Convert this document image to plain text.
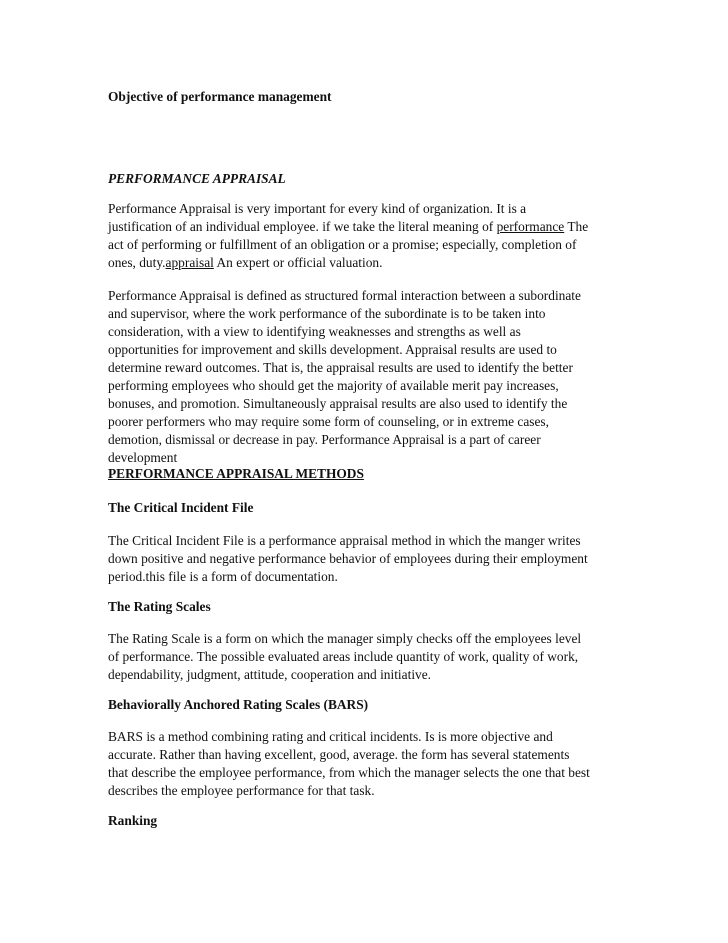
Objective of performance management

PERFORMANCE APPRAISAL

Performance Appraisal is very important for every kind of organization. It is a
justification of an individual employee. if we take the literal meaning of performance The
act of performing or fulfillment of an obligation or a promise; especially, completion of
ones, duty.appraisal An expert or official valuation.
Performance Appraisal is defined as structured formal interaction between a subordinate
and supervisor, where the work performance of the subordinate is to be taken into
consideration, with a view to identifying weaknesses and strengths as well as
opportunities for improvement and skills development. Appraisal results are used to
determine reward outcomes. That is, the appraisal results are used to identify the better
performing employees who should get the majority of available merit pay increases,
bonuses, and promotion. Simultaneously appraisal results are also used to identify the
poorer performers who may require some form of counseling, or in extreme cases,
demotion, dismissal or decrease in pay. Performance Appraisal is a part of career
development

PERFORMANCE APPRAISAL METHODS

The Critical Incident File

The Critical Incident File is a performance appraisal method in which the manger writes
down positive and negative performance behavior of employees during their employment
period.this file is a form of documentation.

The Rating Scales

The Rating Scale is a form on which the manager simply checks off the employees level
of performance. The possible evaluated areas include quantity of work, quality of work,
dependability, judgment, attitude, cooperation and initiative.

Behaviorally Anchored Rating Scales (BARS)

BARS is a method combining rating and critical incidents. Is is more objective and
accurate. Rather than having excellent, good, average. the form has several statements
that describe the employee performance, from which the manager selects the one that best
describes the employee performance for that task.

Ranking
